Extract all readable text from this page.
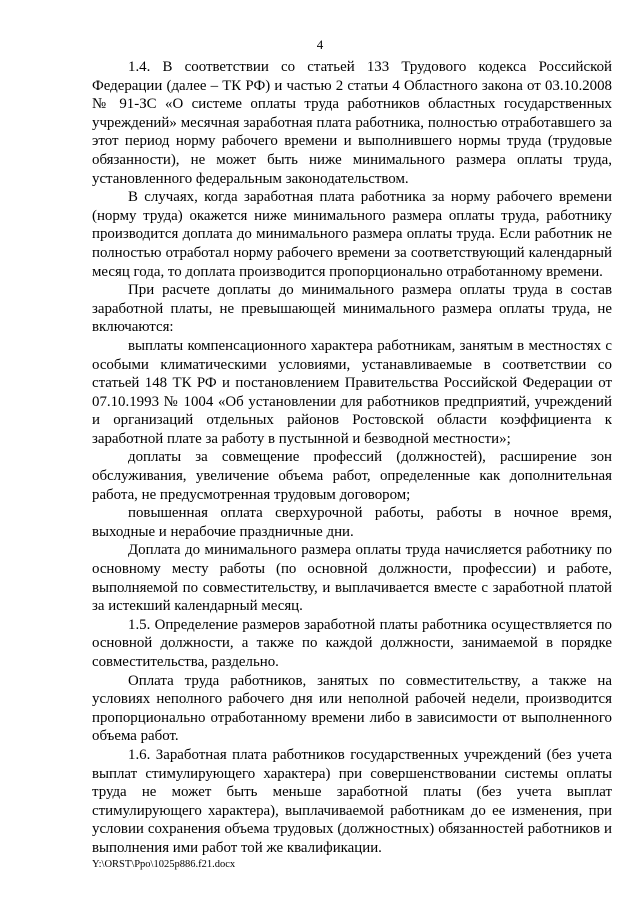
4

1.4. В соответствии со статьей 133 Трудового кодекса Российской Федерации (далее – ТК РФ) и частью 2 статьи 4 Областного закона от 03.10.2008 № 91-ЗС «О системе оплаты труда работников областных государственных учреждений» месячная заработная плата работника, полностью отработавшего за этот период норму рабочего времени и выполнившего нормы труда (трудовые обязанности), не может быть ниже минимального размера оплаты труда, установленного федеральным законодательством.

В случаях, когда заработная плата работника за норму рабочего времени (норму труда) окажется ниже минимального размера оплаты труда, работнику производится доплата до минимального размера оплаты труда. Если работник не полностью отработал норму рабочего времени за соответствующий календарный месяц года, то доплата производится пропорционально отработанному времени.

При расчете доплаты до минимального размера оплаты труда в состав заработной платы, не превышающей минимального размера оплаты труда, не включаются:

выплаты компенсационного характера работникам, занятым в местностях с особыми климатическими условиями, устанавливаемые в соответствии со статьей 148 ТК РФ и постановлением Правительства Российской Федерации от 07.10.1993 № 1004 «Об установлении для работников предприятий, учреждений и организаций отдельных районов Ростовской области коэффициента к заработной плате за работу в пустынной и безводной местности»;

доплаты за совмещение профессий (должностей), расширение зон обслуживания, увеличение объема работ, определенные как дополнительная работа, не предусмотренная трудовым договором;

повышенная оплата сверхурочной работы, работы в ночное время, выходные и нерабочие праздничные дни.

Доплата до минимального размера оплаты труда начисляется работнику по основному месту работы (по основной должности, профессии) и работе, выполняемой по совместительству, и выплачивается вместе с заработной платой за истекший календарный месяц.

1.5. Определение размеров заработной платы работника осуществляется по основной должности, а также по каждой должности, занимаемой в порядке совместительства, раздельно.

Оплата труда работников, занятых по совместительству, а также на условиях неполного рабочего дня или неполной рабочей недели, производится пропорционально отработанному времени либо в зависимости от выполненного объема работ.

1.6. Заработная плата работников государственных учреждений (без учета выплат стимулирующего характера) при совершенствовании системы оплаты труда не может быть меньше заработной платы (без учета выплат стимулирующего характера), выплачиваемой работникам до ее изменения, при условии сохранения объема трудовых (должностных) обязанностей работников и выполнения ими работ той же квалификации.

Y:\ORST\Ppo\1025p886.f21.docx
